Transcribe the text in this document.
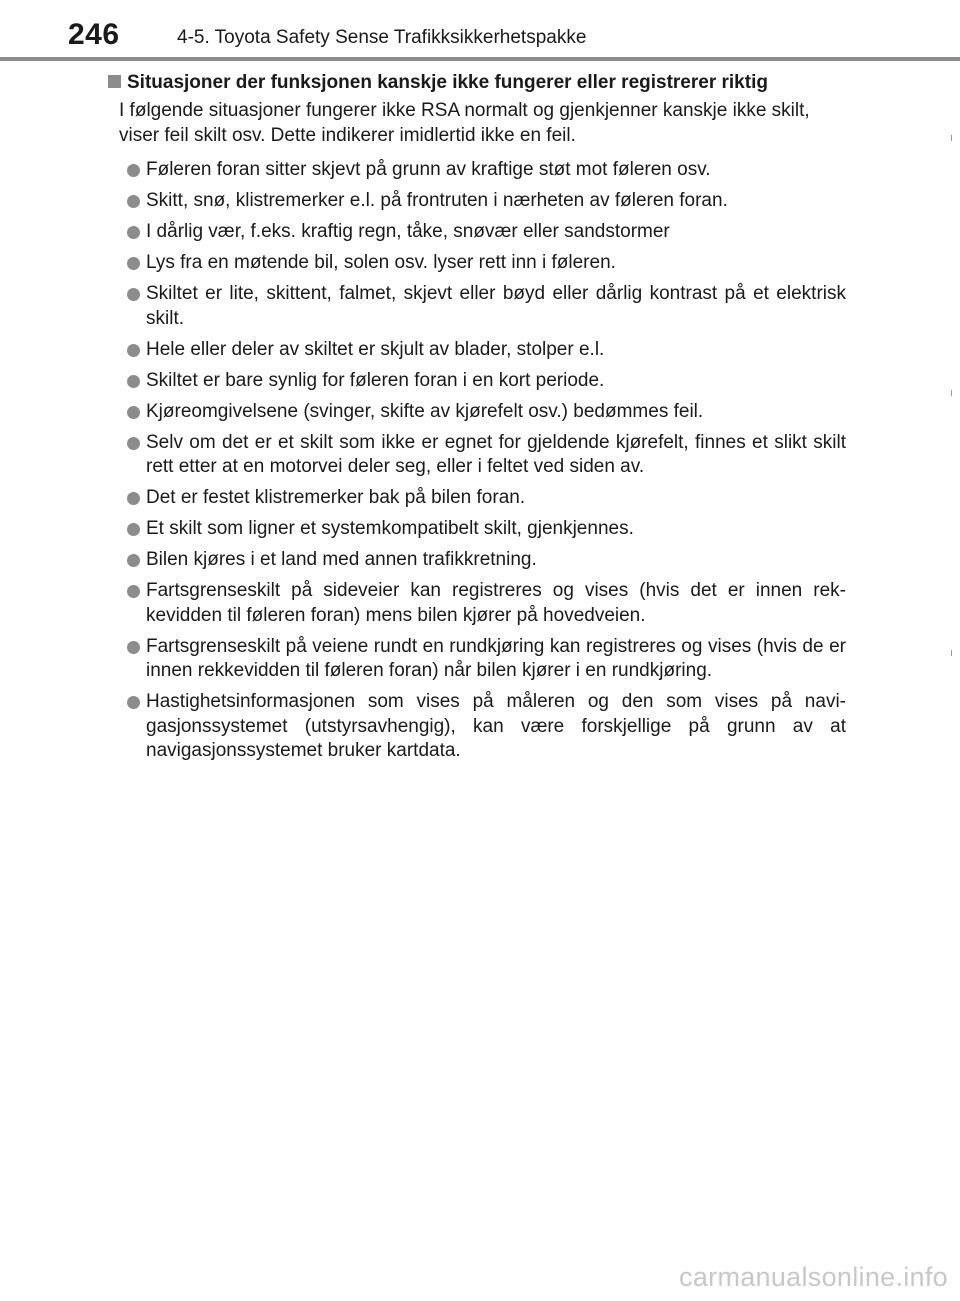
246	4-5. Toyota Safety Sense Trafikksikkerhetspakke
Situasjoner der funksjonen kanskje ikke fungerer eller registrerer riktig

I følgende situasjoner fungerer ikke RSA normalt og gjenkjenner kanskje ikke skilt, viser feil skilt osv. Dette indikerer imidlertid ikke en feil.

Føleren foran sitter skjevt på grunn av kraftige støt mot føleren osv.
Skitt, snø, klistremerker e.l. på frontruten i nærheten av føleren foran.
I dårlig vær, f.eks. kraftig regn, tåke, snøvær eller sandstormer
Lys fra en møtende bil, solen osv. lyser rett inn i føleren.
Skiltet er lite, skittent, falmet, skjevt eller bøyd eller dårlig kontrast på et elektrisk skilt.
Hele eller deler av skiltet er skjult av blader, stolper e.l.
Skiltet er bare synlig for føleren foran i en kort periode.
Kjøreomgivelsene (svinger, skifte av kjørefelt osv.) bedømmes feil.
Selv om det er et skilt som ikke er egnet for gjeldende kjørefelt, finnes et slikt skilt rett etter at en motorvei deler seg, eller i feltet ved siden av.
Det er festet klistremerker bak på bilen foran.
Et skilt som ligner et systemkompatibelt skilt, gjenkjennes.
Bilen kjøres i et land med annen trafikkretning.
Fartsgrenseskilt på sideveier kan registreres og vises (hvis det er innen rekkevidden til føleren foran) mens bilen kjører på hovedveien.
Fartsgrenseskilt på veiene rundt en rundkjøring kan registreres og vises (hvis de er innen rekkevidden til føleren foran) når bilen kjører i en rundkjøring.
Hastighetsinformasjonen som vises på måleren og den som vises på navigasjonssystemet (utstyrsavhengig), kan være forskjellige på grunn av at navigasjonssystemet bruker kartdata.
carmanualsonline.info
